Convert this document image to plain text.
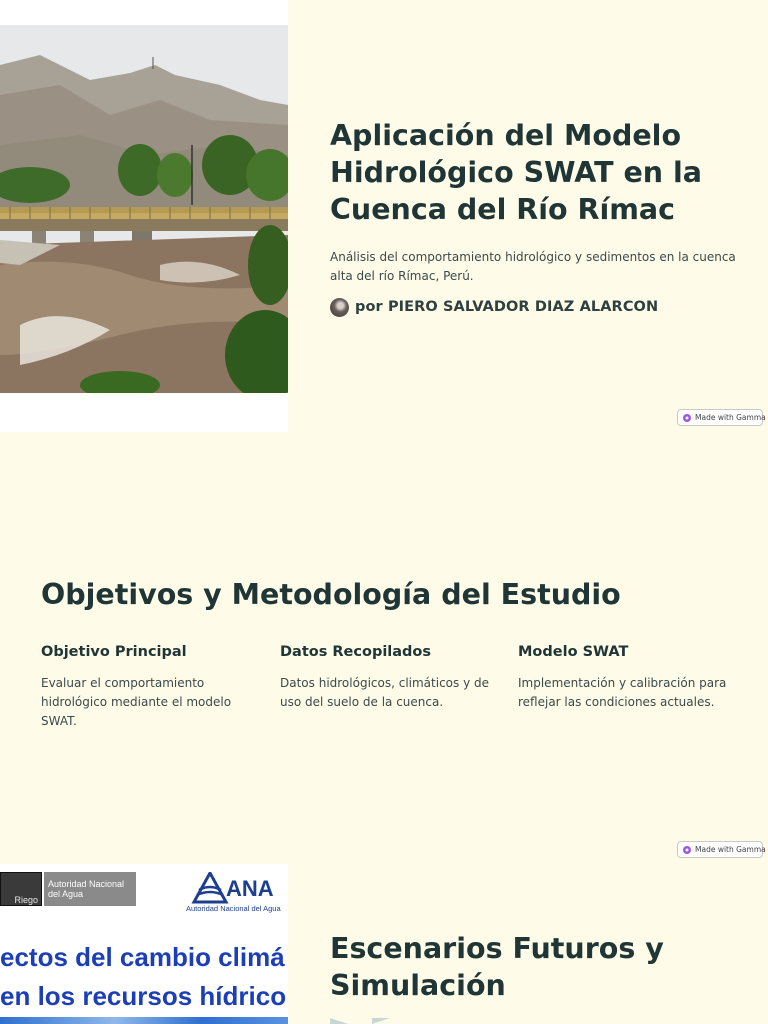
Aplicación del Modelo Hidrológico SWAT en la Cuenca del Río Rímac

Análisis del comportamiento hidrológico y sedimentos en la cuenca alta del río Rímac, Perú.

por PIERO SALVADOR DIAZ ALARCON
Made with Gamma
Objetivos y Metodología del Estudio
Objetivo Principal

Evaluar el comportamiento hidrológico mediante el modelo SWAT.

Datos Recopilados

Datos hidrológicos, climáticos y de uso del suelo de la cuenca.

Modelo SWAT

Implementación y calibración para reflejar las condiciones actuales.

Made with Gamma
Riego
Autoridad Nacional del Agua	ANA
Autoridad Nacional del Agua
ectos del cambio climá
en los recursos hídrico
Escenarios Futuros y Simulación
